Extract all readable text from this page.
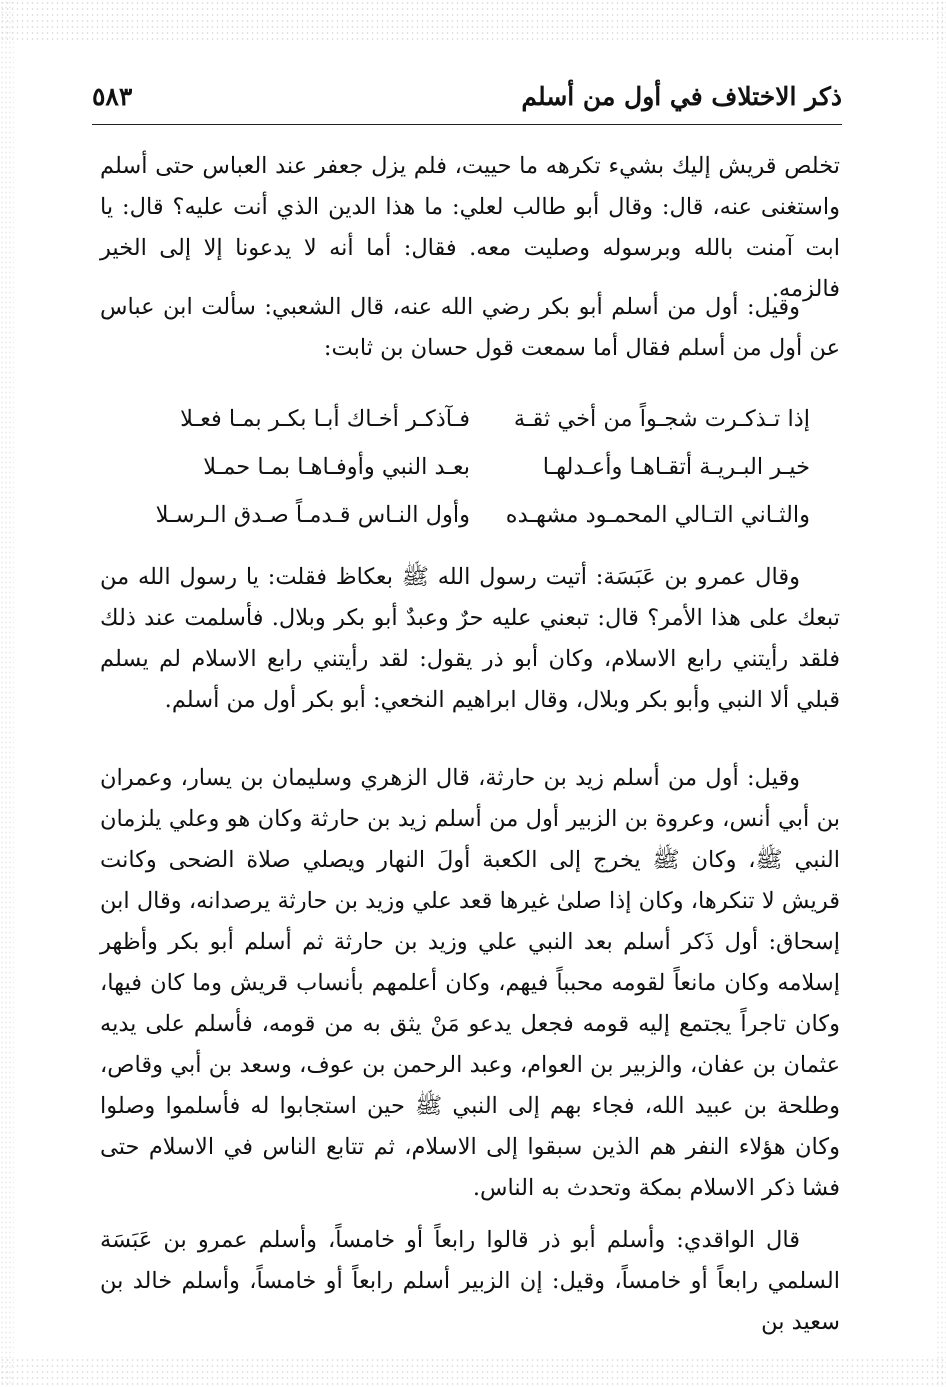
ذكر الاختلاف في أول من أسلم
٥٨٣
تخلص قريش إليك بشيء تكرهه ما حييت، فلم يزل جعفر عند العباس حتى أسلم واستغنى عنه، قال: وقال أبو طالب لعلي: ما هذا الدين الذي أنت عليه؟ قال: يا ابت آمنت بالله وبرسوله وصليت معه. فقال: أما أنه لا يدعونا إلا إلى الخير فالزمه.
وقيل: أول من أسلم أبو بكر رضي الله عنه، قال الشعبي: سألت ابن عباس عن أول من أسلم فقال أما سمعت قول حسان بن ثابت:
إذا تـذكـرت شجـواً من أخي ثقـة	فـآذكـر أخـاك أبـا بكـر بمـا فعـلا
خيـر البـريـة أتقـاهـا وأعـدلهـا	بعـد النبي وأوفـاهـا بمـا حمـلا
والثـاني التـالي المحمـود مشهـده	وأول النـاس قـدمـاً صـدق الـرسـلا
وقال عمرو بن عَبَسَة: أتيت رسول الله ﷺ بعكاظ فقلت: يا رسول الله من تبعك على هذا الأمر؟ قال: تبعني عليه حرٌ وعبدٌ أبو بكر وبلال. فأسلمت عند ذلك فلقد رأيتني رابع الاسلام، وكان أبو ذر يقول: لقد رأيتني رابع الاسلام لم يسلم قبلي ألا النبي وأبو بكر وبلال، وقال ابراهيم النخعي: أبو بكر أول من أسلم.
وقيل: أول من أسلم زيد بن حارثة، قال الزهري وسليمان بن يسار، وعمران بن أبي أنس، وعروة بن الزبير أول من أسلم زيد بن حارثة وكان هو وعلي يلزمان النبي ﷺ، وكان ﷺ يخرج إلى الكعبة أولَ النهار ويصلي صلاة الضحى وكانت قريش لا تنكرها، وكان إذا صلىٰ غيرها قعد علي وزيد بن حارثة يرصدانه، وقال ابن إسحاق: أول ذَكر أسلم بعد النبي علي وزيد بن حارثة ثم أسلم أبو بكر وأظهر إسلامه وكان مانعاً لقومه محبباً فيهم، وكان أعلمهم بأنساب قريش وما كان فيها، وكان تاجراً يجتمع إليه قومه فجعل يدعو مَنْ يثق به من قومه، فأسلم على يديه عثمان بن عفان، والزبير بن العوام، وعبد الرحمن بن عوف، وسعد بن أبي وقاص، وطلحة بن عبيد الله، فجاء بهم إلى النبي ﷺ حين استجابوا له فأسلموا وصلوا وكان هؤلاء النفر هم الذين سبقوا إلى الاسلام، ثم تتابع الناس في الاسلام حتى فشا ذكر الاسلام بمكة وتحدث به الناس.
قال الواقدي: وأسلم أبو ذر قالوا رابعاً أو خامساً، وأسلم عمرو بن عَبَسَة السلمي رابعاً أو خامساً، وقيل: إن الزبير أسلم رابعاً أو خامساً، وأسلم خالد بن سعيد بن
